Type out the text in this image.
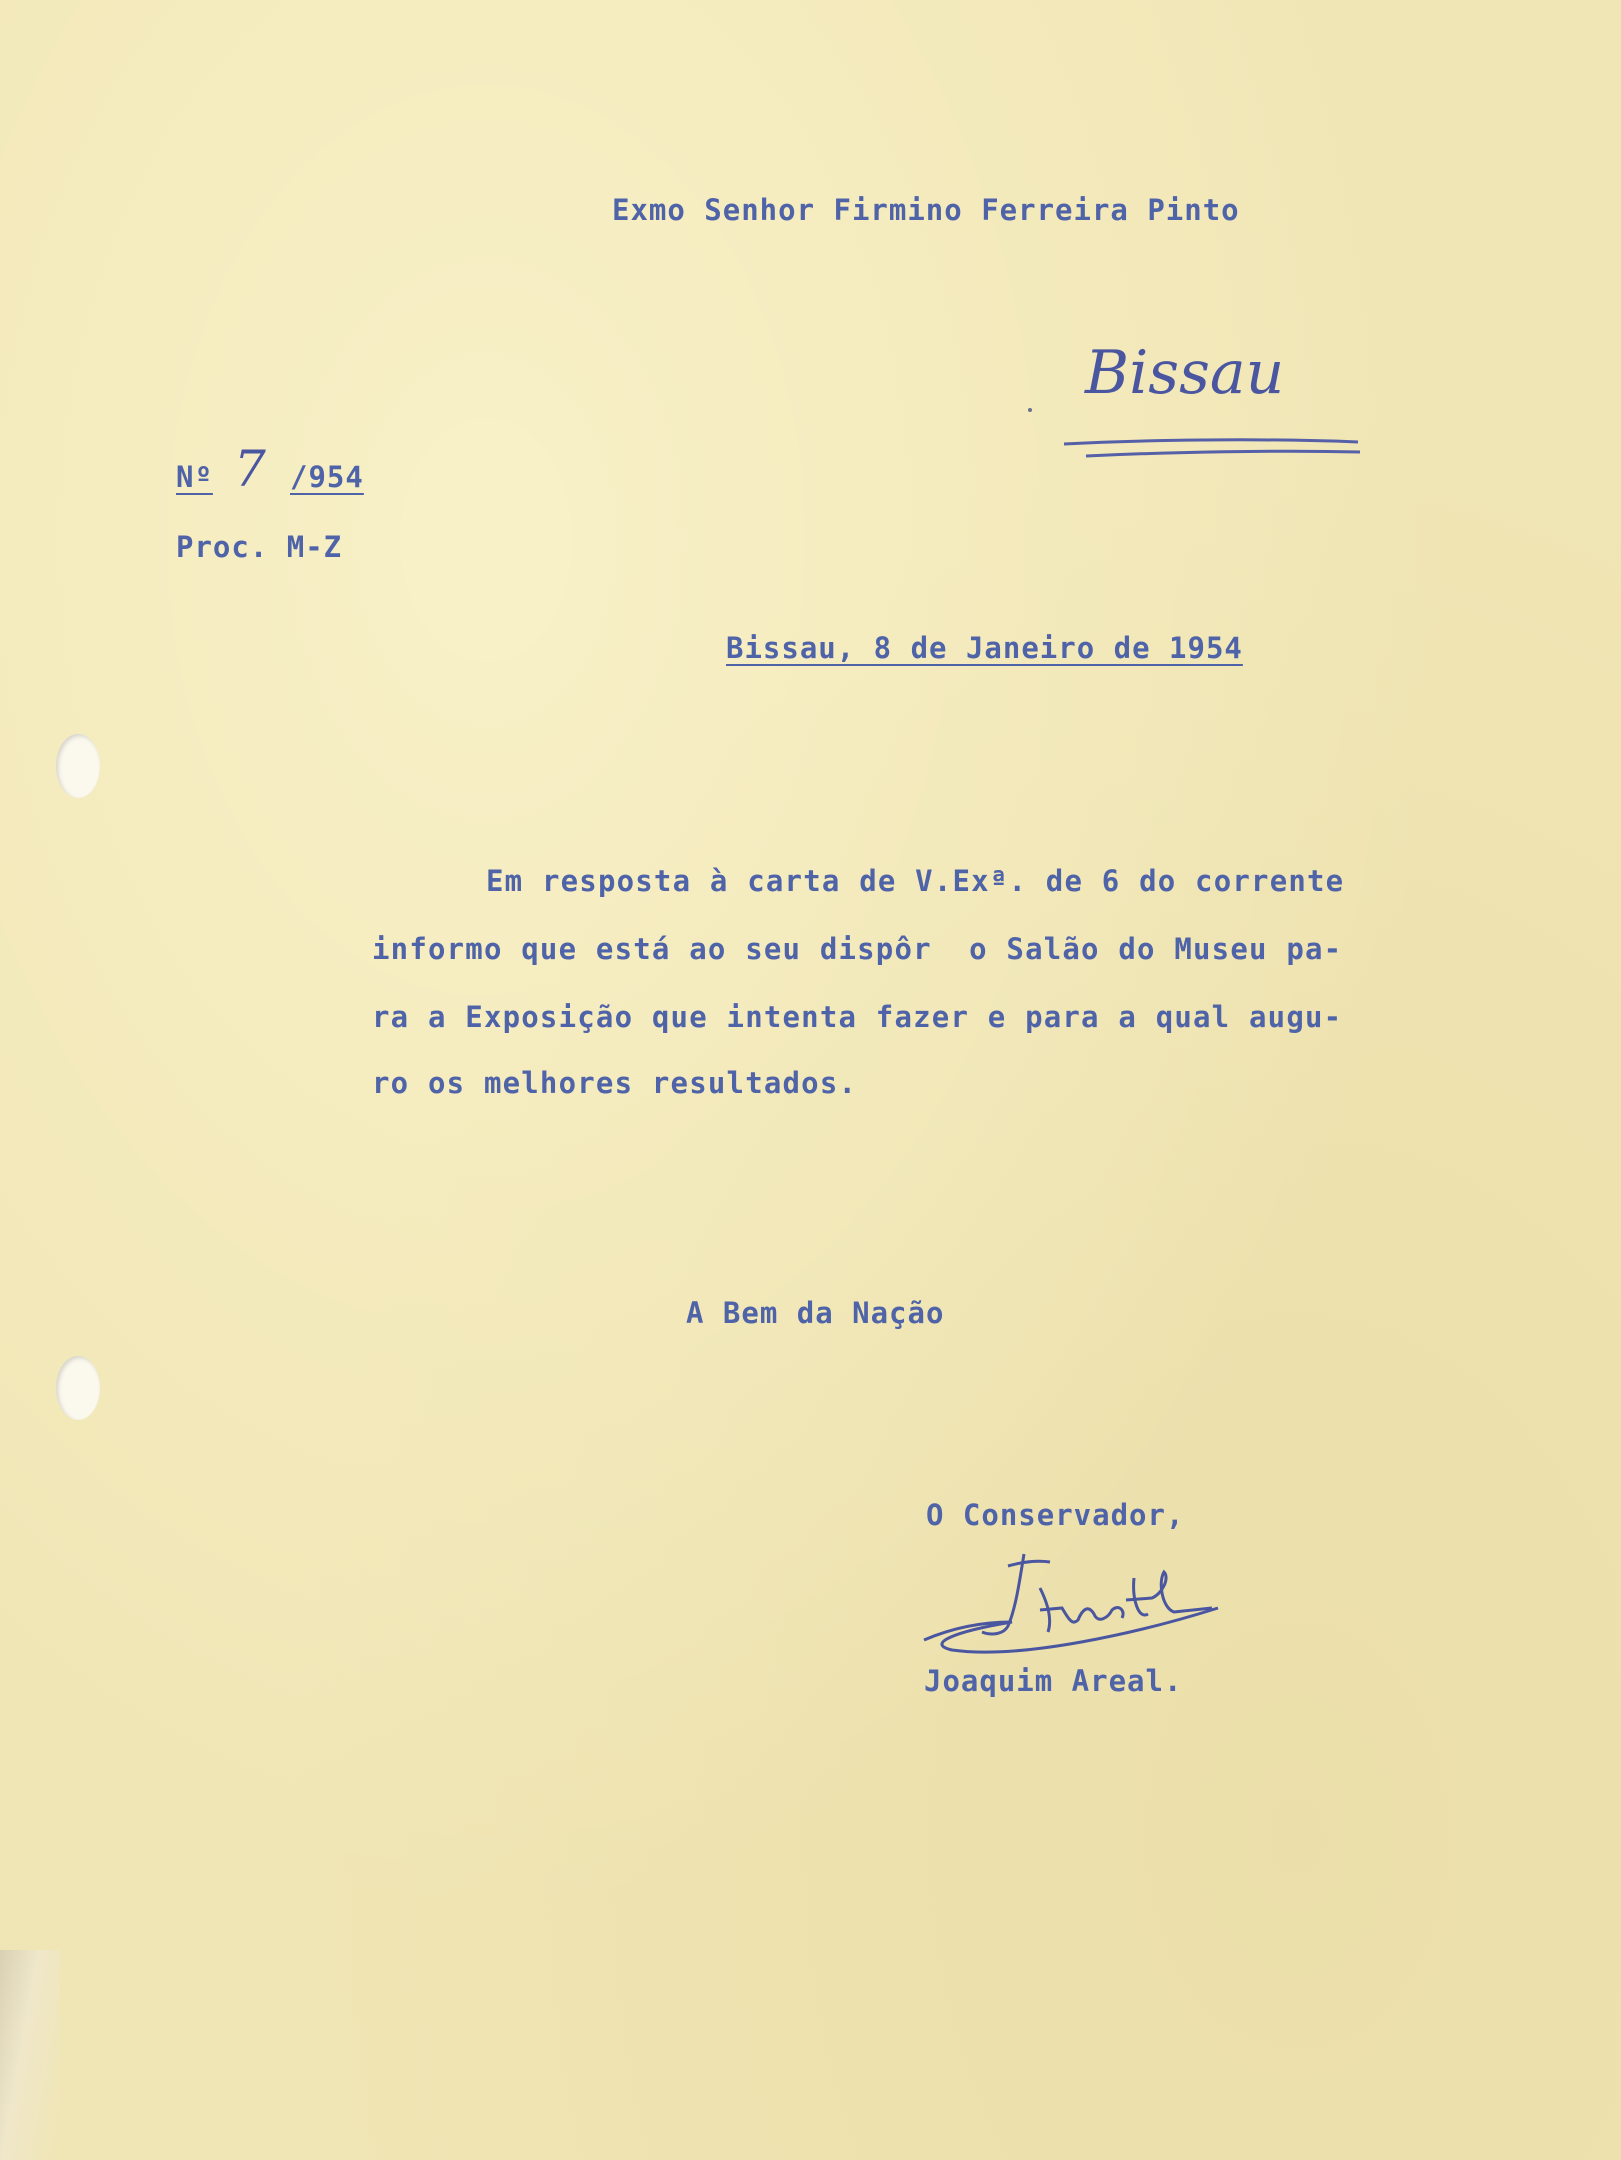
Exmo Senhor Firmino Ferreira Pinto

Bissau

Nº 7 /954

Proc. M-Z

Bissau, 8 de Janeiro de 1954

Em resposta à carta de V.Exª. de 6 do corrente

informo que está ao seu dispôr  o Salão do Museu pa-

ra a Exposição que intenta fazer e para a qual augu-

ro os melhores resultados.

A Bem da Nação

O Conservador,

Joaquim Areal.
